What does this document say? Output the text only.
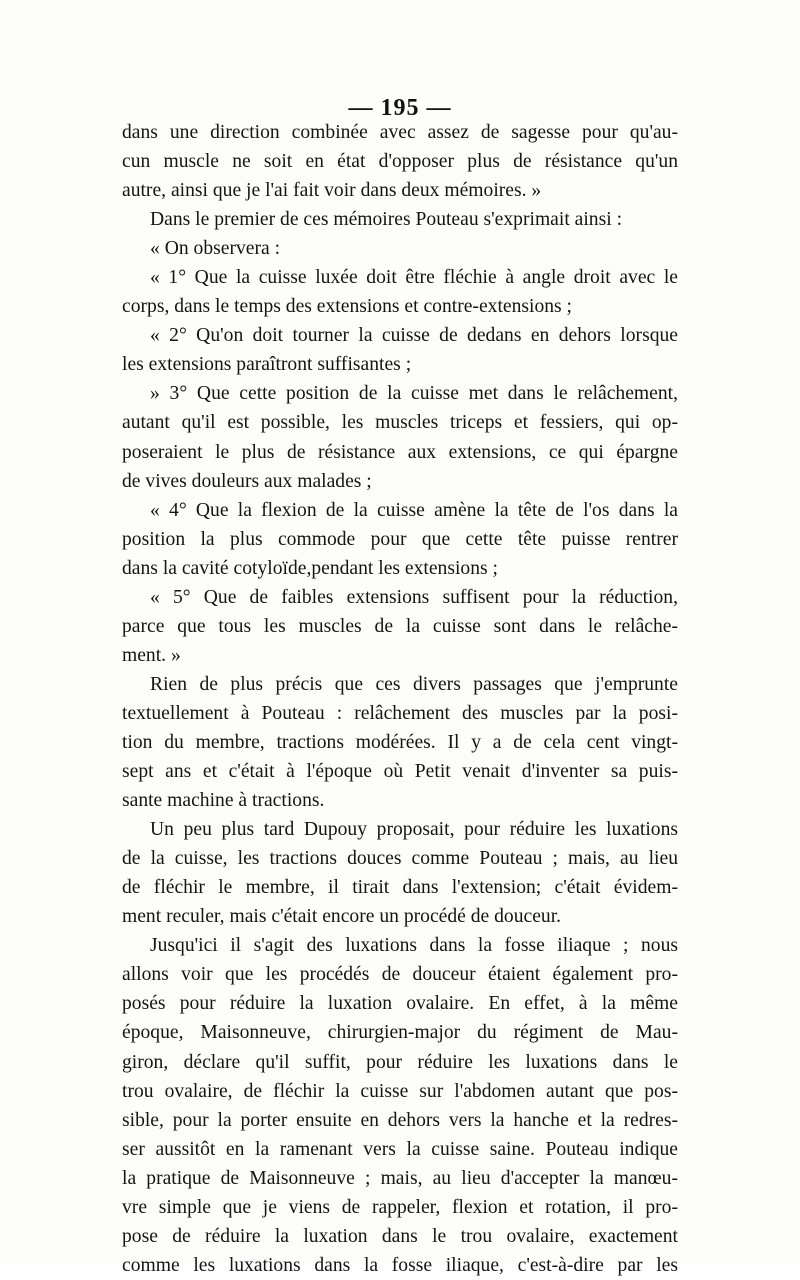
— 195 —
dans une direction combinée avec assez de sagesse pour qu'au-
cun muscle ne soit en état d'opposer plus de résistance qu'un
autre, ainsi que je l'ai fait voir dans deux mémoires. »
Dans le premier de ces mémoires Pouteau s'exprimait ainsi :
« On observera :
« 1° Que la cuisse luxée doit être fléchie à angle droit avec le
corps, dans le temps des extensions et contre-extensions ;
« 2° Qu'on doit tourner la cuisse de dedans en dehors lorsque
les extensions paraîtront suffisantes ;
» 3° Que cette position de la cuisse met dans le relâchement,
autant qu'il est possible, les muscles triceps et fessiers, qui op-
poseraient le plus de résistance aux extensions, ce qui épargne
de vives douleurs aux malades ;
« 4° Que la flexion de la cuisse amène la tête de l'os dans la
position la plus commode pour que cette tête puisse rentrer
dans la cavité cotyloïde,pendant les extensions ;
« 5° Que de faibles extensions suffisent pour la réduction,
parce que tous les muscles de la cuisse sont dans le relâche-
ment. »
Rien de plus précis que ces divers passages que j'emprunte
textuellement à Pouteau : relâchement des muscles par la posi-
tion du membre, tractions modérées. Il y a de cela cent vingt-
sept ans et c'était à l'époque où Petit venait d'inventer sa puis-
sante machine à tractions.
Un peu plus tard Dupouy proposait, pour réduire les luxations
de la cuisse, les tractions douces comme Pouteau ; mais, au lieu
de fléchir le membre, il tirait dans l'extension; c'était évidem-
ment reculer, mais c'était encore un procédé de douceur.
Jusqu'ici il s'agit des luxations dans la fosse iliaque ; nous
allons voir que les procédés de douceur étaient également pro-
posés pour réduire la luxation ovalaire. En effet, à la même
époque, Maisonneuve, chirurgien-major du régiment de Mau-
giron, déclare qu'il suffit, pour réduire les luxations dans le
trou ovalaire, de fléchir la cuisse sur l'abdomen autant que pos-
sible, pour la porter ensuite en dehors vers la hanche et la redres-
ser aussitôt en la ramenant vers la cuisse saine. Pouteau indique
la pratique de Maisonneuve ; mais, au lieu d'accepter la manœu-
vre simple que je viens de rappeler, flexion et rotation, il pro-
pose de réduire la luxation dans le trou ovalaire, exactement
comme les luxations dans la fosse iliaque, c'est-à-dire par les
